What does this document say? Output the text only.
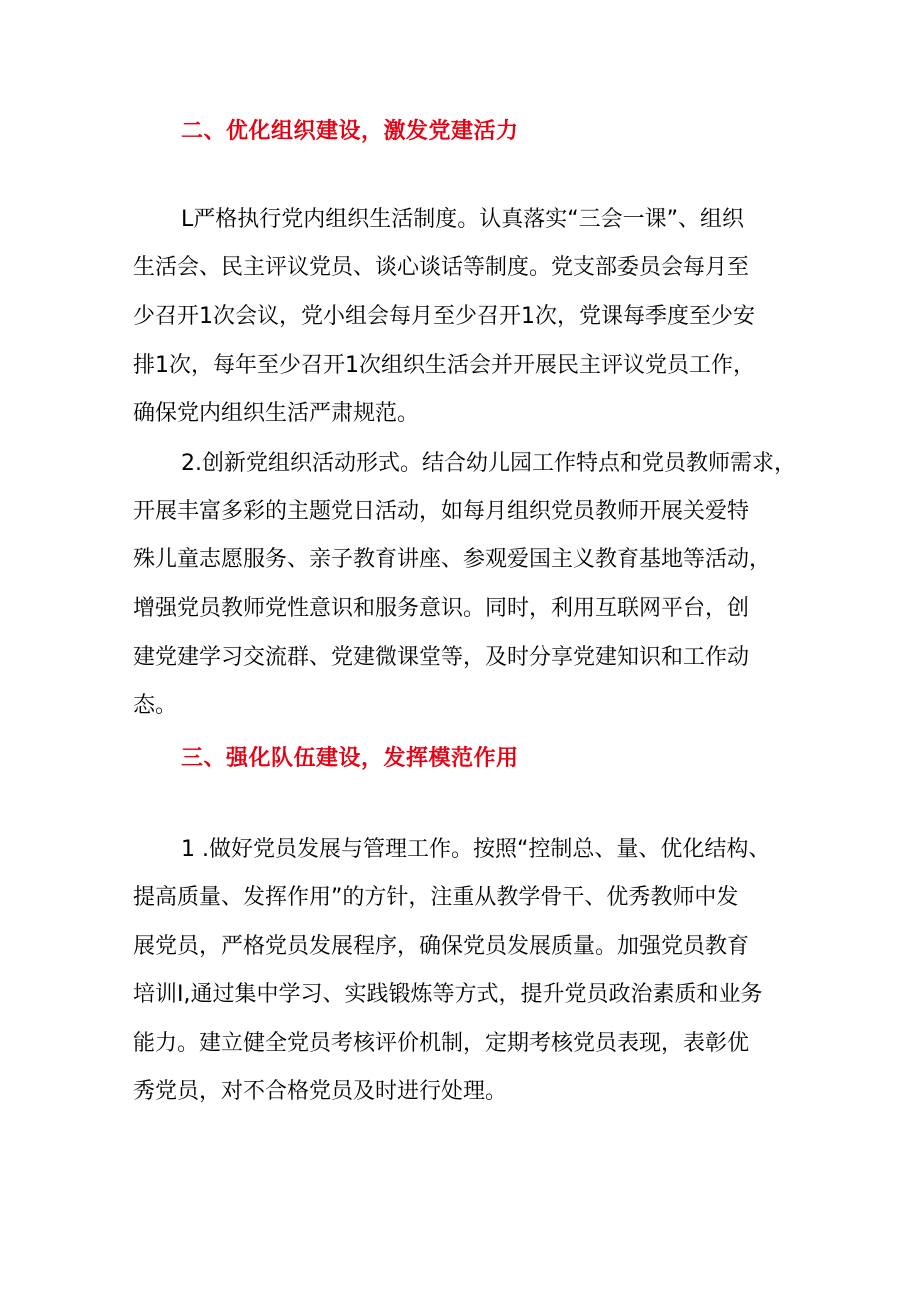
二、优化组织建设，激发党建活力

L严格执行党内组织生活制度。认真落实“三会一课”、组织

生活会、民主评议党员、谈心谈话等制度。党支部委员会每月至

少召开1次会议，党小组会每月至少召开1次，党课每季度至少安

排1次，每年至少召开1次组织生活会并开展民主评议党员工作，

确保党内组织生活严肃规范。

2.创新党组织活动形式。结合幼儿园工作特点和党员教师需求，

开展丰富多彩的主题党日活动，如每月组织党员教师开展关爱特

殊儿童志愿服务、亲子教育讲座、参观爱国主义教育基地等活动，

增强党员教师党性意识和服务意识。同时，利用互联网平台，创

建党建学习交流群、党建微课堂等，及时分享党建知识和工作动

态。

三、强化队伍建设，发挥模范作用

1 .做好党员发展与管理工作。按照“控制总、量、优化结构、

提高质量、发挥作用”的方针，注重从教学骨干、优秀教师中发

展党员，严格党员发展程序，确保党员发展质量。加强党员教育

培训I,通过集中学习、实践锻炼等方式，提升党员政治素质和业务

能力。建立健全党员考核评价机制，定期考核党员表现，表彰优

秀党员，对不合格党员及时进行处理。
